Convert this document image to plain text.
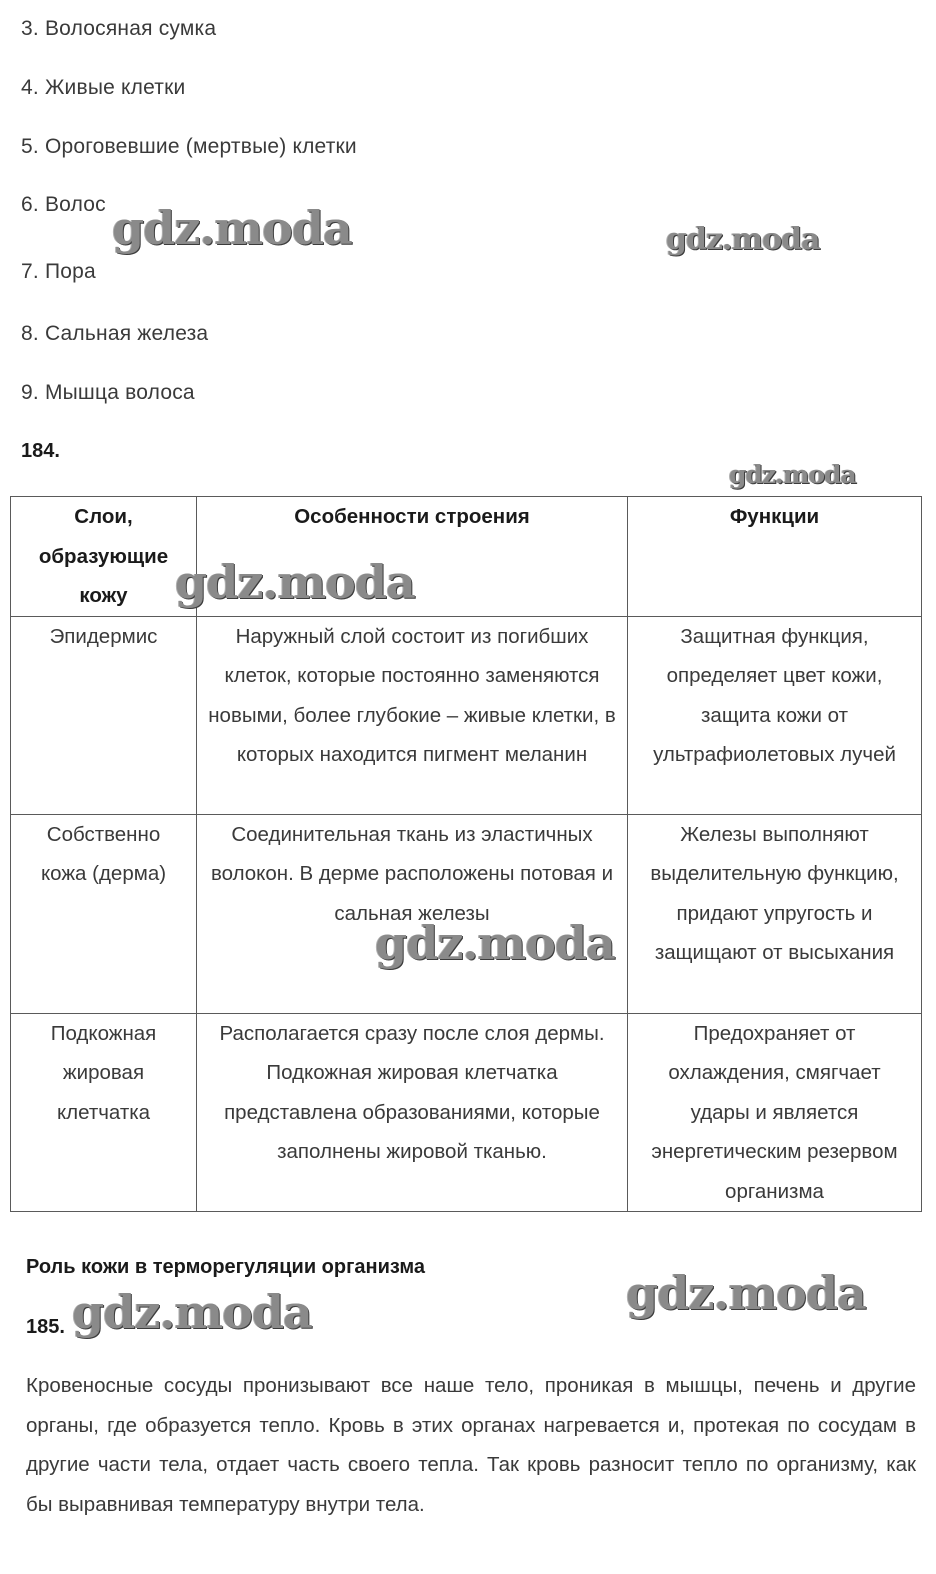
3. Волосяная сумка
4. Живые клетки
5. Ороговевшие (мертвые) клетки
6. Волос
7. Пора
8. Сальная железа
9. Мышца волоса
184.
Слои, образующие кожу	Особенности строения	Функции
Эпидермис	Наружный слой состоит из погибших клеток, которые постоянно заменяются новыми, более глубокие – живые клетки, в которых находится пигмент меланин	Защитная функция, определяет цвет кожи, защита кожи от ультрафиолетовых лучей
Собственно кожа (дерма)	Соединительная ткань из эластичных волокон. В дерме расположены потовая и сальная железы	Железы выполняют выделительную функцию, придают упругость и защищают от высыхания
Подкожная жировая клетчатка	Располагается сразу после слоя дермы. Подкожная жировая клетчатка представлена образованиями, которые заполнены жировой тканью.	Предохраняет от охлаждения, смягчает удары и является энергетическим резервом организма
Роль кожи в терморегуляции организма
185.
Кровеносные сосуды пронизывают все наше тело, проникая в мышцы, печень и другие органы, где образуется тепло. Кровь в этих органах нагревается и, протекая по сосудам в другие части тела, отдает часть своего тепла. Так кровь разносит тепло по организму, как бы выравнивая температуру внутри тела.
gdz.moda	gdz.moda
gdz.moda
gdz.moda
gdz.moda
gdz.moda	gdz.moda
